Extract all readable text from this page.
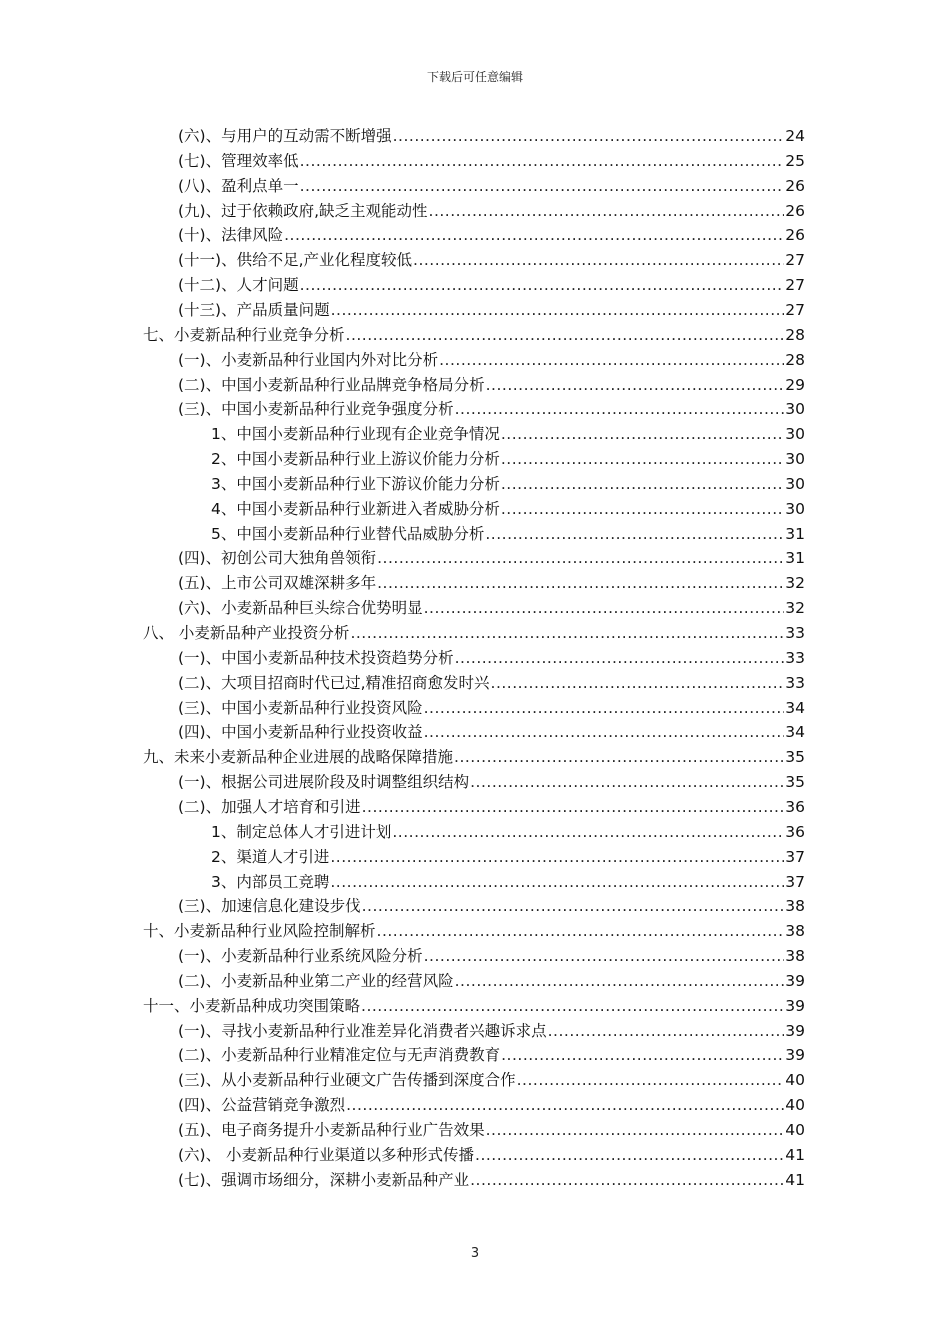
下载后可任意编辑
(六)、与用户的互动需不断增强 .....	24
(七)、管理效率低 .....	25
(八)、盈利点单一 .....	26
(九)、过于依赖政府,缺乏主观能动性 .....	26
(十)、法律风险 .....	26
(十一)、供给不足,产业化程度较低 .....	27
(十二)、人才问题 .....	27
(十三)、产品质量问题 .....	27
七、小麦新品种行业竞争分析 .....	28
(一)、小麦新品种行业国内外对比分析 .....	28
(二)、中国小麦新品种行业品牌竞争格局分析 .....	29
(三)、中国小麦新品种行业竞争强度分析 .....	30
1、中国小麦新品种行业现有企业竞争情况 .....	30
2、中国小麦新品种行业上游议价能力分析 .....	30
3、中国小麦新品种行业下游议价能力分析 .....	30
4、中国小麦新品种行业新进入者威胁分析 .....	30
5、中国小麦新品种行业替代品威胁分析 .....	31
(四)、初创公司大独角兽领衔 .....	31
(五)、上市公司双雄深耕多年 .....	32
(六)、小麦新品种巨头综合优势明显 .....	32
八、 小麦新品种产业投资分析 .....	33
(一)、中国小麦新品种技术投资趋势分析 .....	33
(二)、大项目招商时代已过,精准招商愈发时兴 .....	33
(三)、中国小麦新品种行业投资风险 .....	34
(四)、中国小麦新品种行业投资收益 .....	34
九、未来小麦新品种企业进展的战略保障措施 .....	35
(一)、根据公司进展阶段及时调整组织结构 .....	35
(二)、加强人才培育和引进 .....	36
1、制定总体人才引进计划 .....	36
2、渠道人才引进 .....	37
3、内部员工竞聘 .....	37
(三)、加速信息化建设步伐 .....	38
十、小麦新品种行业风险控制解析 .....	38
(一)、小麦新品种行业系统风险分析 .....	38
(二)、小麦新品种业第二产业的经营风险 .....	39
十一、小麦新品种成功突围策略 .....	39
(一)、寻找小麦新品种行业准差异化消费者兴趣诉求点 .....	39
(二)、小麦新品种行业精准定位与无声消费教育 .....	39
(三)、从小麦新品种行业硬文广告传播到深度合作 .....	40
(四)、公益营销竞争激烈 .....	40
(五)、电子商务提升小麦新品种行业广告效果 .....	40
(六)、 小麦新品种行业渠道以多种形式传播 .....	41
(七)、强调市场细分，深耕小麦新品种产业 .....	41
3
